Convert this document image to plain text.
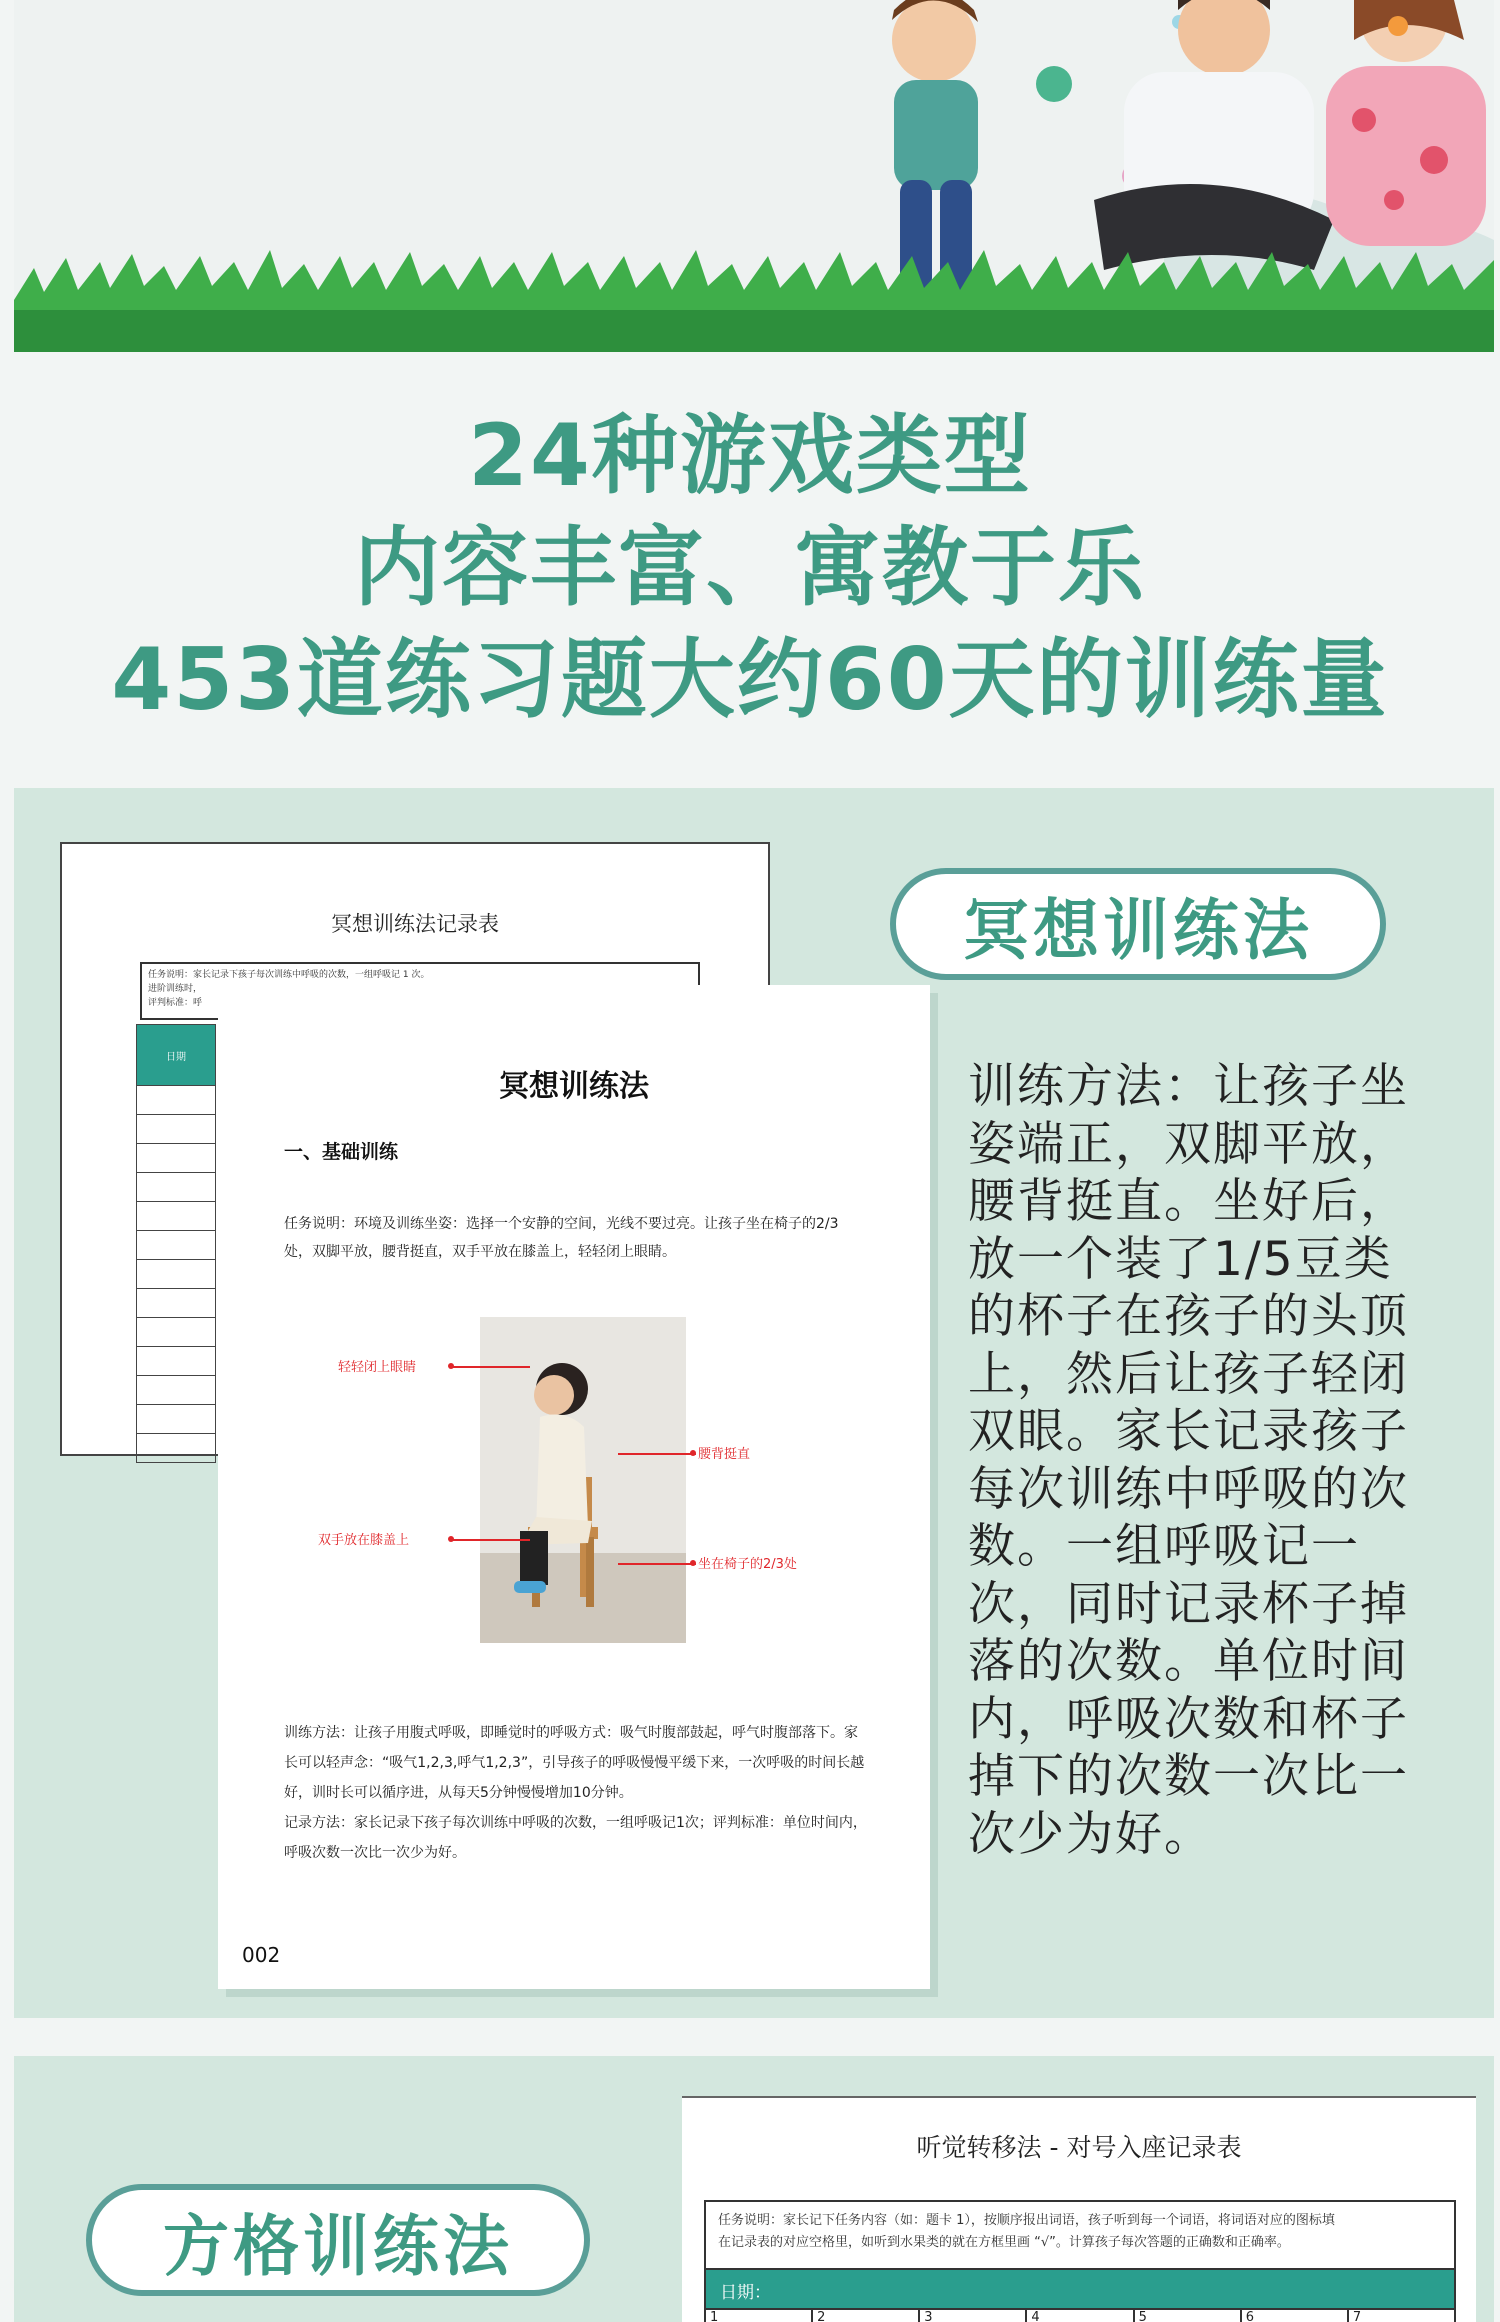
24种游戏类型
内容丰富、寓教于乐
453道练习题大约60天的训练量
冥想训练法记录表
任务说明：家长记录下孩子每次训练中呼吸的次数，一组呼吸记 1 次。
进阶训练时，
评判标准：呼
日期
冥想训练法
一、基础训练
任务说明：环境及训练坐姿：选择一个安静的空间，光线不要过亮。让孩子坐在椅子的2/3处，双脚平放，腰背挺直，双手平放在膝盖上，轻轻闭上眼睛。
轻轻闭上眼睛
腰背挺直
双手放在膝盖上
坐在椅子的2/3处
训练方法：让孩子用腹式呼吸，即睡觉时的呼吸方式：吸气时腹部鼓起，呼气时腹部落下。家长可以轻声念：“吸气1,2,3,呼气1,2,3”，引导孩子的呼吸慢慢平缓下来，一次呼吸的时间长越好，训时长可以循序进，从每天5分钟慢慢增加10分钟。
记录方法：家长记录下孩子每次训练中呼吸的次数，一组呼吸记1次；评判标准：单位时间内，呼吸次数一次比一次少为好。
002
冥想训练法
训练方法：让孩子坐姿端正，双脚平放，腰背挺直。坐好后，放一个装了1/5豆类的杯子在孩子的头顶上，然后让孩子轻闭双眼。家长记录孩子每次训练中呼吸的次数。一组呼吸记一次，同时记录杯子掉落的次数。单位时间内，呼吸次数和杯子掉下的次数一次比一次少为好。
听觉转移法 - 对号入座记录表
任务说明：家长记下任务内容（如：题卡 1），按顺序报出词语，孩子听到每一个词语，将词语对应的图标填
在记录表的对应空格里，如听到水果类的就在方框里画 “√”。计算孩子每次答题的正确数和正确率。
日期：
1	2	3	4	5	6	7
方格训练法
